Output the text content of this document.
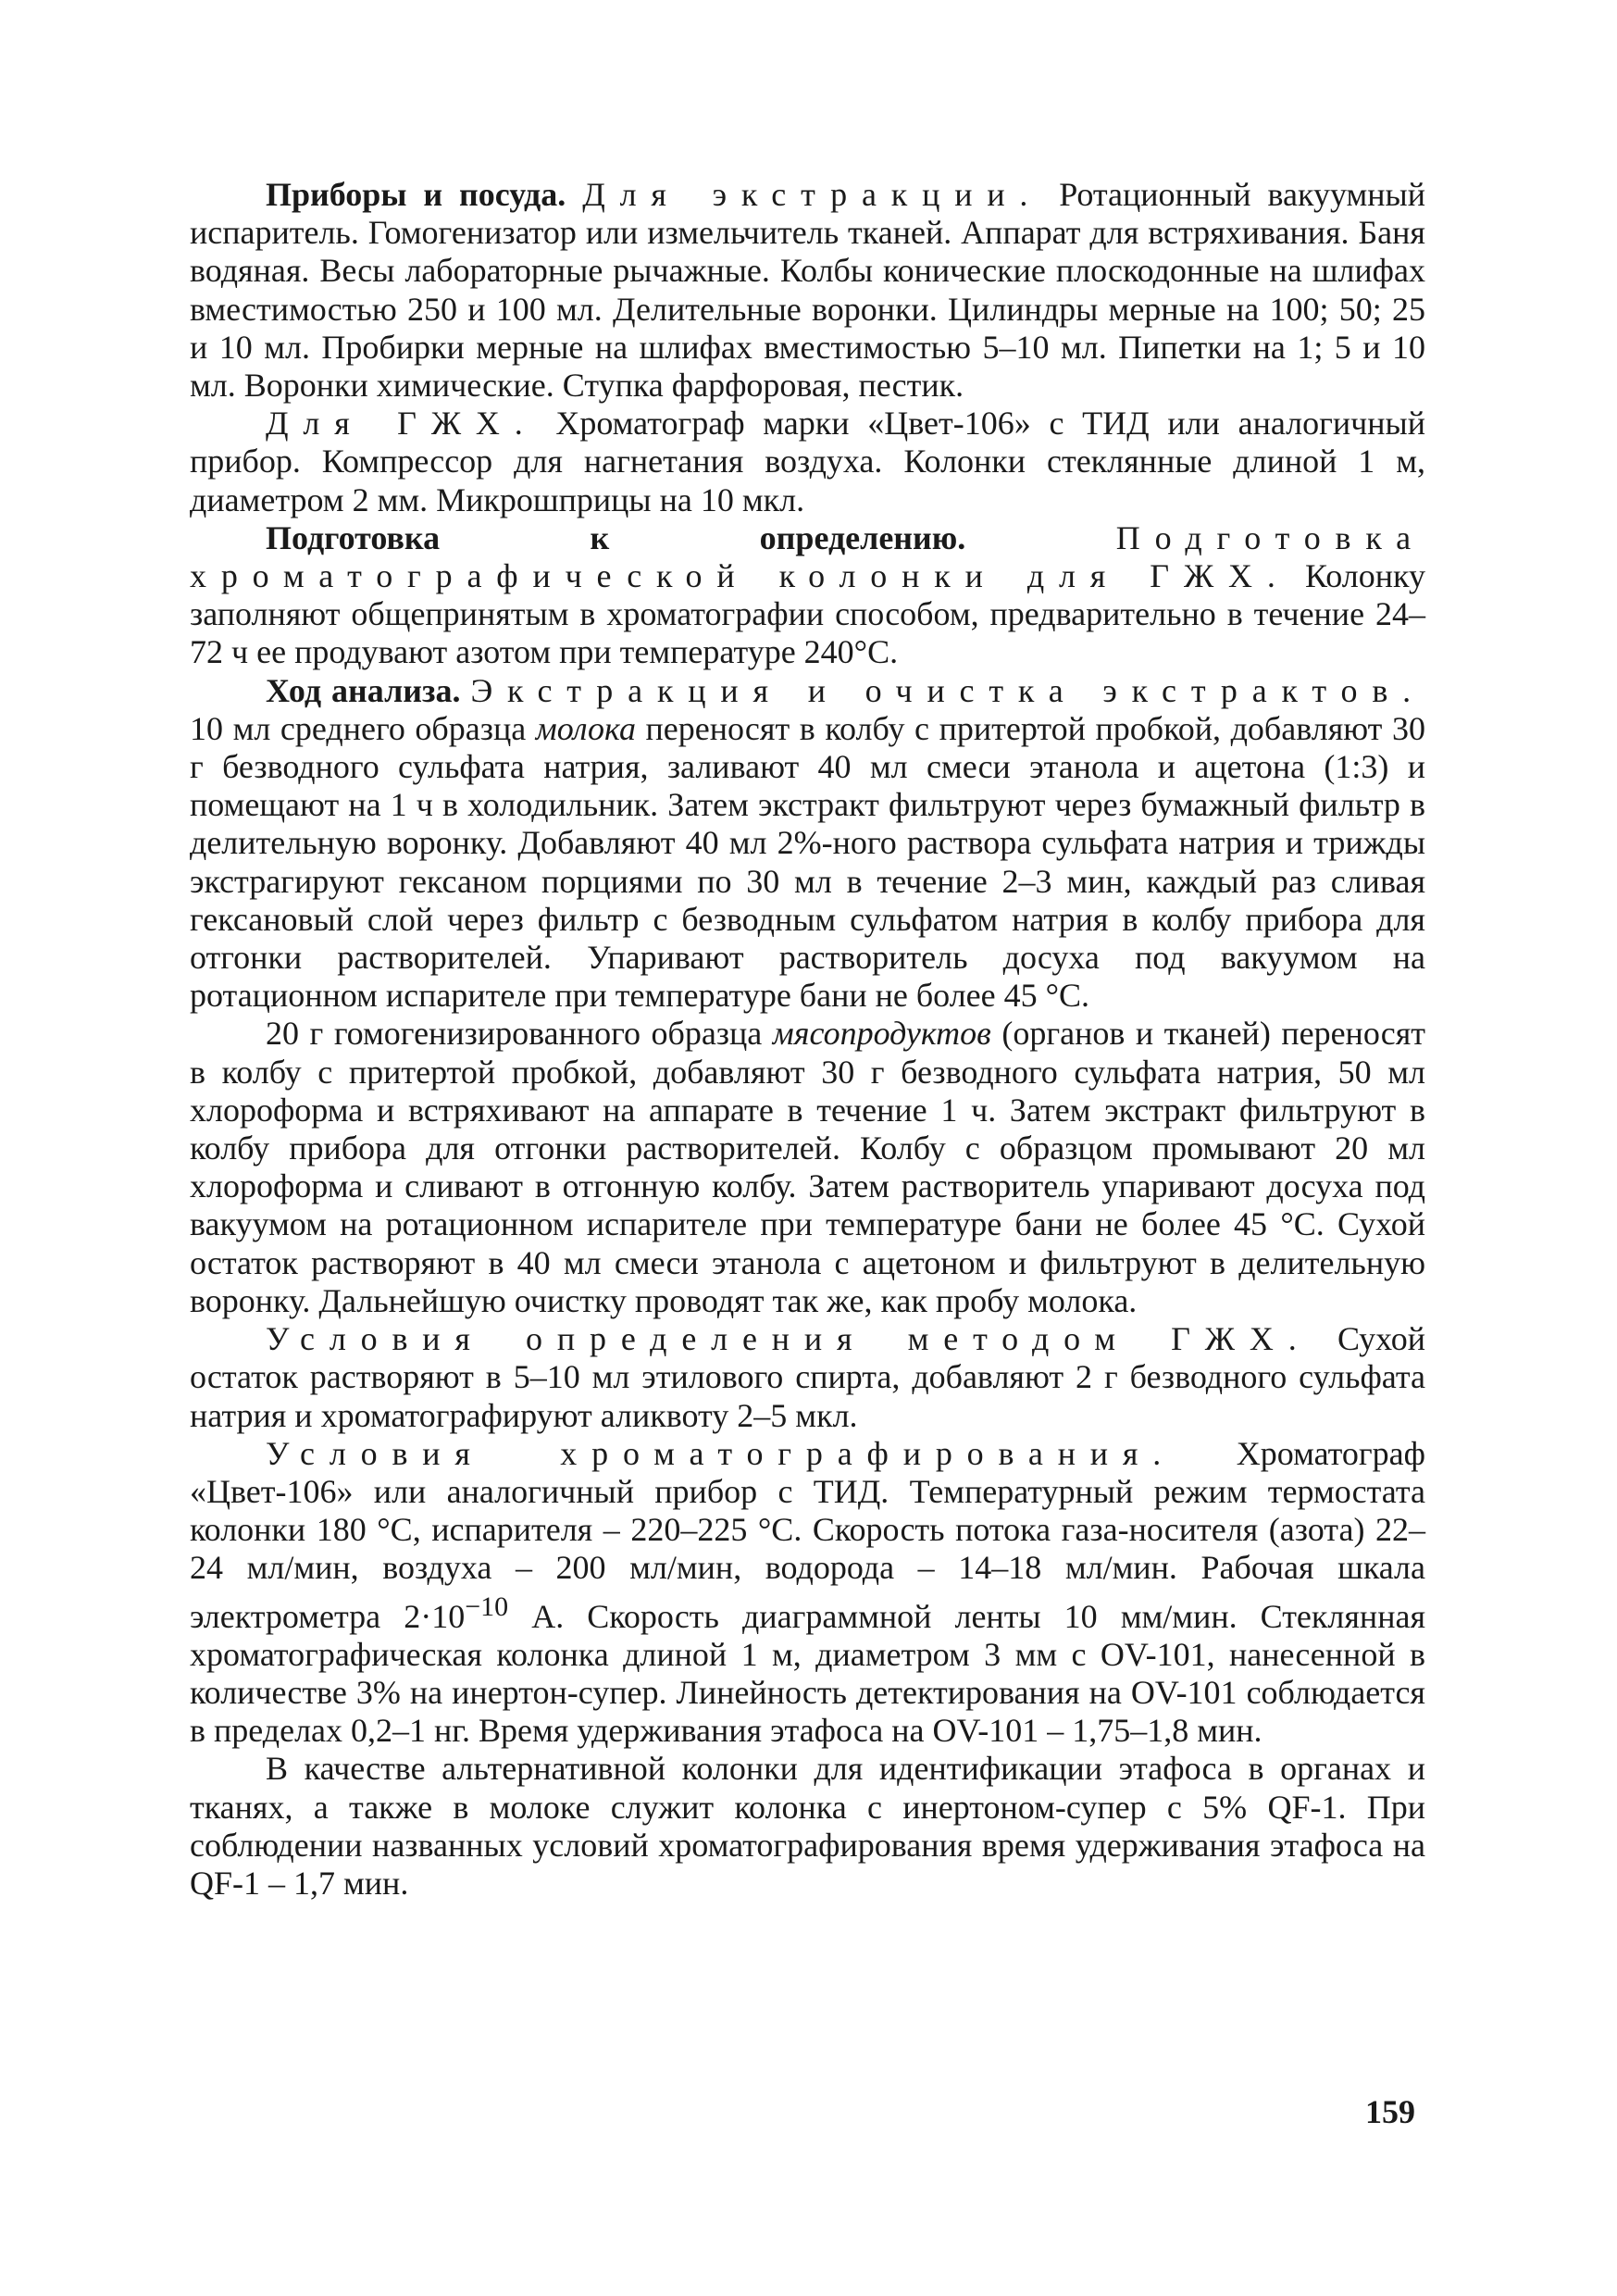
Приборы и посуда. Для экстракции. Ротационный вакуумный испаритель. Гомогенизатор или измельчитель тканей. Аппарат для встряхивания. Баня водяная. Весы лабораторные рычажные. Колбы конические плоскодонные на шлифах вместимостью 250 и 100 мл. Делительные воронки. Цилиндры мерные на 100; 50; 25 и 10 мл. Пробирки мерные на шлифах вместимостью 5–10 мл. Пипетки на 1; 5 и 10 мл. Воронки химические. Ступка фарфоровая, пестик.

Для ГЖХ. Хроматограф марки «Цвет-106» с ТИД или аналогичный прибор. Компрессор для нагнетания воздуха. Колонки стеклянные длиной 1 м, диаметром 2 мм. Микрошприцы на 10 мкл.

Подготовка к определению. Подготовка хроматографической колонки для ГЖХ. Колонку заполняют общепринятым в хроматографии способом, предварительно в течение 24–72 ч ее продувают азотом при температуре 240°С.

Ход анализа. Экстракция и очистка экстрактов. 10 мл среднего образца молока переносят в колбу с притертой пробкой, добавляют 30 г безводного сульфата натрия, заливают 40 мл смеси этанола и ацетона (1:3) и помещают на 1 ч в холодильник. Затем экстракт фильтруют через бумажный фильтр в делительную воронку. Добавляют 40 мл 2%-ного раствора сульфата натрия и трижды экстрагируют гексаном порциями по 30 мл в течение 2–3 мин, каждый раз сливая гексановый слой через фильтр с безводным сульфатом натрия в колбу прибора для отгонки растворителей. Упаривают растворитель досуха под вакуумом на ротационном испарителе при температуре бани не более 45 °С.

20 г гомогенизированного образца мясопродуктов (органов и тканей) переносят в колбу с притертой пробкой, добавляют 30 г безводного сульфата натрия, 50 мл хлороформа и встряхивают на аппарате в течение 1 ч. Затем экстракт фильтруют в колбу прибора для отгонки растворителей. Колбу с образцом промывают 20 мл хлороформа и сливают в отгонную колбу. Затем растворитель упаривают досуха под вакуумом на ротационном испарителе при температуре бани не более 45 °С. Сухой остаток растворяют в 40 мл смеси этанола с ацетоном и фильтруют в делительную воронку. Дальнейшую очистку проводят так же, как пробу молока.

Условия определения методом ГЖХ. Сухой остаток растворяют в 5–10 мл этилового спирта, добавляют 2 г безводного сульфата натрия и хроматографируют аликвоту 2–5 мкл.

Условия хроматографирования. Хроматограф «Цвет-106» или аналогичный прибор с ТИД. Температурный режим термостата колонки 180 °С, испарителя – 220–225 °С. Скорость потока газа-носителя (азота) 22–24 мл/мин, воздуха – 200 мл/мин, водорода – 14–18 мл/мин. Рабочая шкала электрометра $2\cdot 10^{-10}$ А. Скорость диаграммной ленты 10 мм/мин. Стеклянная хроматографическая колонка длиной 1 м, диаметром 3 мм с OV-101, нанесенной в количестве 3% на инертон-супер. Линейность детектирования на OV-101 соблюдается в пределах 0,2–1 нг. Время удерживания этафоса на OV-101 – 1,75–1,8 мин.

В качестве альтернативной колонки для идентификации этафоса в органах и тканях, а также в молоке служит колонка с инертоном-супер с 5% QF-1. При соблюдении названных условий хроматографирования время удерживания этафоса на QF-1 – 1,7 мин.

159
